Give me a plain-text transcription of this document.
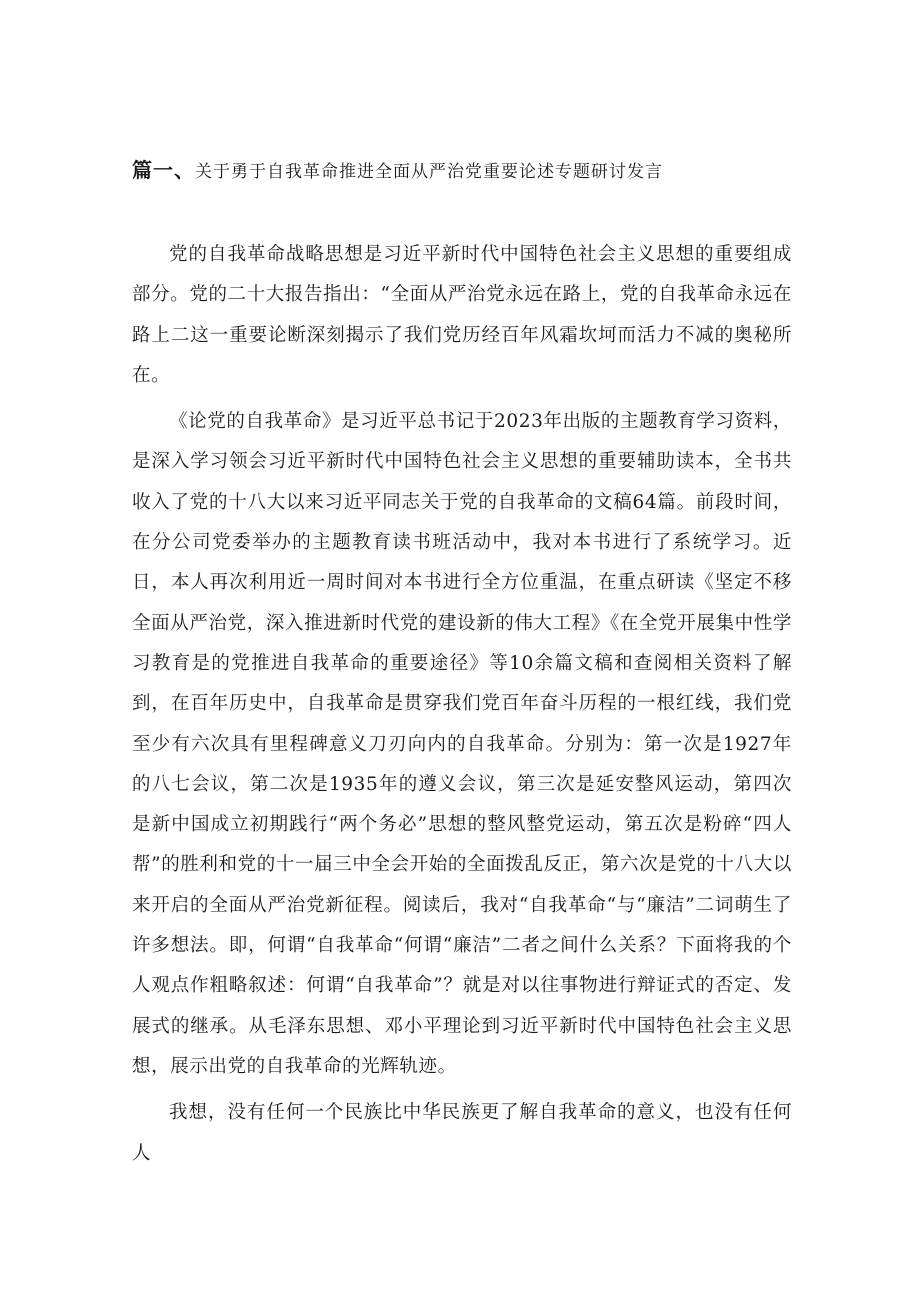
篇一、关于勇于自我革命推进全面从严治党重要论述专题研讨发言

党的自我革命战略思想是习近平新时代中国特色社会主义思想的重要组成部分。党的二十大报告指出：“全面从严治党永远在路上，党的自我革命永远在路上二这一重要论断深刻揭示了我们党历经百年风霜坎坷而活力不减的奥秘所在。

《论党的自我革命》是习近平总书记于2023年出版的主题教育学习资料，是深入学习领会习近平新时代中国特色社会主义思想的重要辅助读本，全书共收入了党的十八大以来习近平同志关于党的自我革命的文稿64篇。前段时间，在分公司党委举办的主题教育读书班活动中，我对本书进行了系统学习。近日，本人再次利用近一周时间对本书进行全方位重温，在重点研读《坚定不移全面从严治党，深入推进新时代党的建设新的伟大工程》《在全党开展集中性学习教育是的党推进自我革命的重要途径》等10余篇文稿和查阅相关资料了解到，在百年历史中，自我革命是贯穿我们党百年奋斗历程的一根红线，我们党至少有六次具有里程碑意义刀刃向内的自我革命。分别为：第一次是1927年的八七会议，第二次是1935年的遵义会议，第三次是延安整风运动，第四次是新中国成立初期践行“两个务必”思想的整风整党运动，第五次是粉碎“四人帮”的胜利和党的十一届三中全会开始的全面拨乱反正，第六次是党的十八大以来开启的全面从严治党新征程。阅读后，我对“自我革命“与“廉洁”二词萌生了许多想法。即，何谓“自我革命“何谓“廉洁”二者之间什么关系？下面将我的个人观点作粗略叙述：何谓“自我革命”？就是对以往事物进行辩证式的否定、发展式的继承。从毛泽东思想、邓小平理论到习近平新时代中国特色社会主义思想，展示出党的自我革命的光辉轨迹。

我想，没有任何一个民族比中华民族更了解自我革命的意义，也没有任何人
